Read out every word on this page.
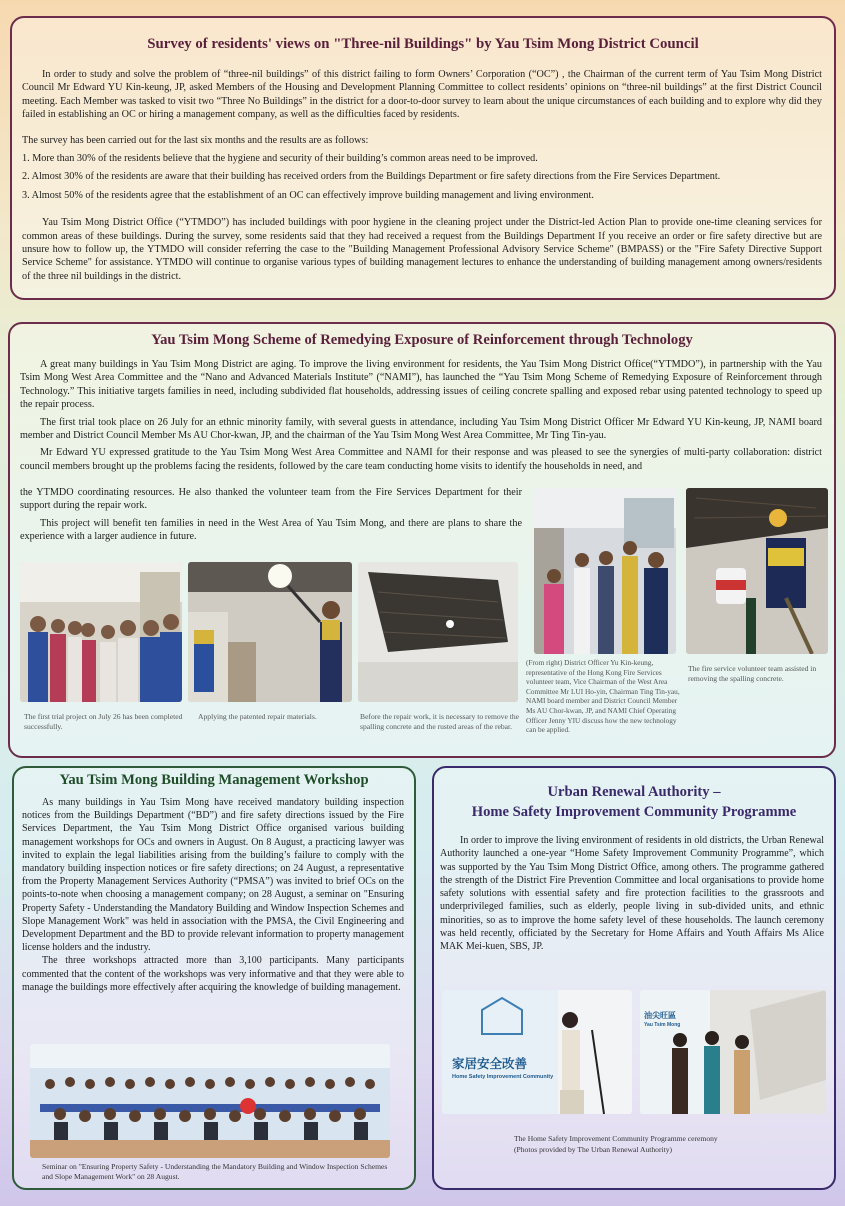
Survey of residents' views on "Three-nil Buildings" by Yau Tsim Mong District Council

In order to study and solve the problem of “three-nil buildings” of this district failing to form Owners’ Corporation (“OC”) , the Chairman of the current term of Yau Tsim Mong District Council Mr Edward YU Kin-keung, JP, asked Members of the Housing and Development Planning Committee to collect residents’ opinions on “three-nil buildings” at the first District Council meeting. Each Member was tasked to visit two “Three No Buildings” in the district for a door-to-door survey to learn about the unique circumstances of each building and to explore why did they failed in establishing an OC or hiring a management company, as well as the difficulties faced by residents.

The survey has been carried out for the last six months and the results are as follows:

1. More than 30% of the residents believe that the hygiene and security of their building’s common areas need to be improved.

2. Almost 30% of the residents are aware that their building has received orders from the Buildings Department or fire safety directions from the Fire Services Department.

3. Almost 50% of the residents agree that the establishment of an OC can effectively improve building management and living environment.

Yau Tsim Mong District Office (“YTMDO”) has included buildings with poor hygiene in the cleaning project under the District-led Action Plan to provide one-time cleaning services for common areas of these buildings. During the survey, some residents said that they had received a request from the Buildings Department If you receive an order or fire safety directive but are unsure how to follow up, the YTMDO will consider referring the case to the "Building Management Professional Advisory Service Scheme" (BMPASS) or the "Fire Safety Directive Support Service Scheme" for assistance. YTMDO will continue to organise various types of building management lectures to enhance the understanding of building management among owners/residents of the three nil buildings in the district.

Yau Tsim Mong Scheme of Remedying Exposure of Reinforcement through Technology

A great many buildings in Yau Tsim Mong District are aging. To improve the living environment for residents, the Yau Tsim Mong District Office(“YTMDO”), in partnership with the Yau Tsim Mong West Area Committee and the “Nano and Advanced Materials Institute” (“NAMI”), has launched the “Yau Tsim Mong Scheme of Remedying Exposure of Reinforcement through Technology.” This initiative targets families in need, including subdivided flat households, addressing issues of ceiling concrete spalling and exposed rebar using patented technology to speed up the repair process.

The first trial took place on 26 July for an ethnic minority family, with several guests in attendance, including Yau Tsim Mong District Officer Mr Edward YU Kin-keung, JP, NAMI board member and District Council Member Ms AU Chor-kwan, JP, and the chairman of the Yau Tsim Mong West Area Committee, Mr Ting Tin-yau.

Mr Edward YU expressed gratitude to the Yau Tsim Mong West Area Committee and NAMI for their response and was pleased to see the synergies of multi-party collaboration: district council members brought up the problems facing the residents, followed by the care team conducting home visits to identify the households in need, and

the YTMDO coordinating resources. He also thanked the volunteer team from the Fire Services Department for their support during the repair work.

This project will benefit ten families in need in the West Area of Yau Tsim Mong, and there are plans to share the experience with a larger audience in future.

The first trial project on July 26 has been completed successfully.

Applying the patented repair materials.	Before the repair work, it is necessary to remove the spalling concrete and the rusted areas of the rebar.

(From right) District Officer Yu Kin-keung, representative of the Hong Kong Fire Services volunteer team, Vice Chairman of the West Area Committee Mr LUI Ho-yin, Chairman Ting Tin-yau, NAMI board member and District Council Member Ms AU Chor-kwan, JP, and NAMI Chief Operating Officer Jenny YIU discuss how the new technology can be applied.

The fire service volunteer team assisted in removing the spalling concrete.

Yau Tsim Mong Building Management Workshop

As many buildings in Yau Tsim Mong have received mandatory building inspection notices from the Buildings Department (“BD”) and fire safety directions issued by the Fire Services Department, the Yau Tsim Mong District Office organised various building management workshops for OCs and owners in August. On 8 August, a practicing lawyer was invited to explain the legal liabilities arising from the building’s failure to comply with the mandatory building inspection notices or fire safety directions; on 24 August, a representative from the Property Management Services Authority (“PMSA”) was invited to brief OCs on the points-to-note when choosing a management company; on 28 August, a seminar on "Ensuring Property Safety - Understanding the Mandatory Building and Window Inspection Schemes and Slope Management Work" was held in association with the PMSA, the Civil Engineering and Development Department and the BD to provide relevant information to property management license holders and the industry.

The three workshops attracted more than 3,100 participants. Many participants commented that the content of the workshops was very informative and that they were able to manage the buildings more effectively after acquiring the knowledge of building management.

Seminar on "Ensuring Property Safety - Understanding the Mandatory Building and Window Inspection Schemes and Slope Management Work" on 28 August.

Urban Renewal Authority –
Home Safety Improvement Community Programme

In order to improve the living environment of residents in old districts, the Urban Renewal Authority launched a one-year “Home Safety Improvement Community Programme”, which was supported by the Yau Tsim Mong District Office, among others. The programme gathered the strength of the District Fire Prevention Committee and local organisations to provide home safety solutions with essential safety and fire protection facilities to the grassroots and underprivileged families, such as elderly, people living in sub-divided units, and ethnic minorities, so as to improve the home safety level of these households. The launch ceremony was held recently, officiated by the Secretary for Home Affairs and Youth Affairs Ms Alice MAK Mei-kuen, SBS, JP.

家居安全改善
Home Safety Improvement Community
油尖旺區
Yau Tsim Mong

The Home Safety Improvement Community Programme ceremony

(Photos provided by The Urban Renewal Authority)
